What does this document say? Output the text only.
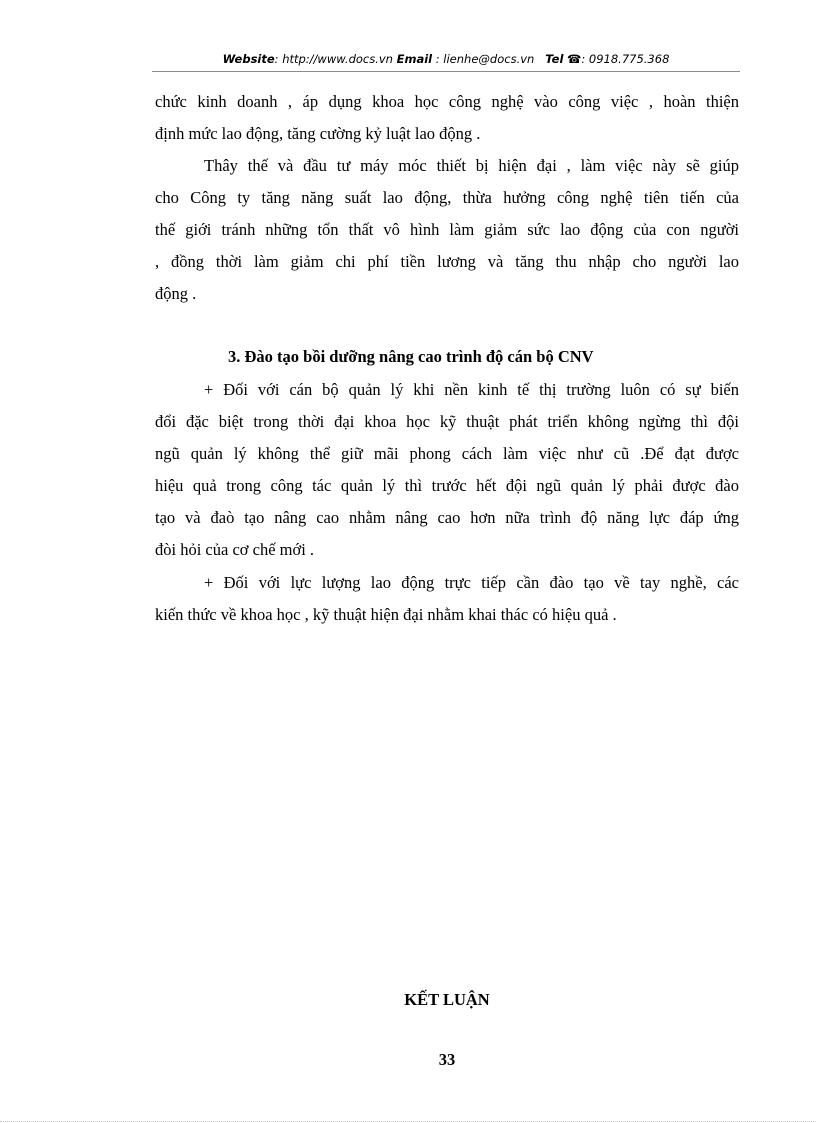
Website: http://www.docs.vn Email : lienhe@docs.vn Tel ☎: 0918.775.368
chức kinh doanh , áp dụng khoa học công nghệ vào công việc , hoàn thiện
định mức lao động, tăng cường kỷ luật lao động .
Thây thế và đầu tư máy móc thiết bị hiện đại , làm việc này sẽ giúp
cho Công ty tăng năng suất lao động, thừa hưởng công nghệ tiên tiến của
thế giới tránh những tổn thất vô hình làm giảm sức lao động của con người
, đồng thời làm giảm chi phí tiền lương và tăng thu nhập cho người lao
động .
3. Đào tạo bồi dưỡng nâng cao trình độ cán bộ CNV
+ Đối với cán bộ quản lý khi nền kinh tế thị trường luôn có sự biến
đổi đặc biệt trong thời đại khoa học kỹ thuật phát triển không ngừng thì đội
ngũ quản lý không thể giữ mãi phong cách làm việc như cũ .Để đạt được
hiệu quả trong công tác quản lý thì trước hết đội ngũ quản lý phải được đào
tạo và đaò tạo nâng cao nhằm nâng cao hơn nữa trình độ năng lực đáp ứng
đòi hỏi của cơ chế mới .
+ Đối với lực lượng lao động trực tiếp cần đào tạo về tay nghề, các
kiến thức về khoa học , kỹ thuật hiện đại nhằm khai thác có hiệu quả .
KẾT LUẬN
33
